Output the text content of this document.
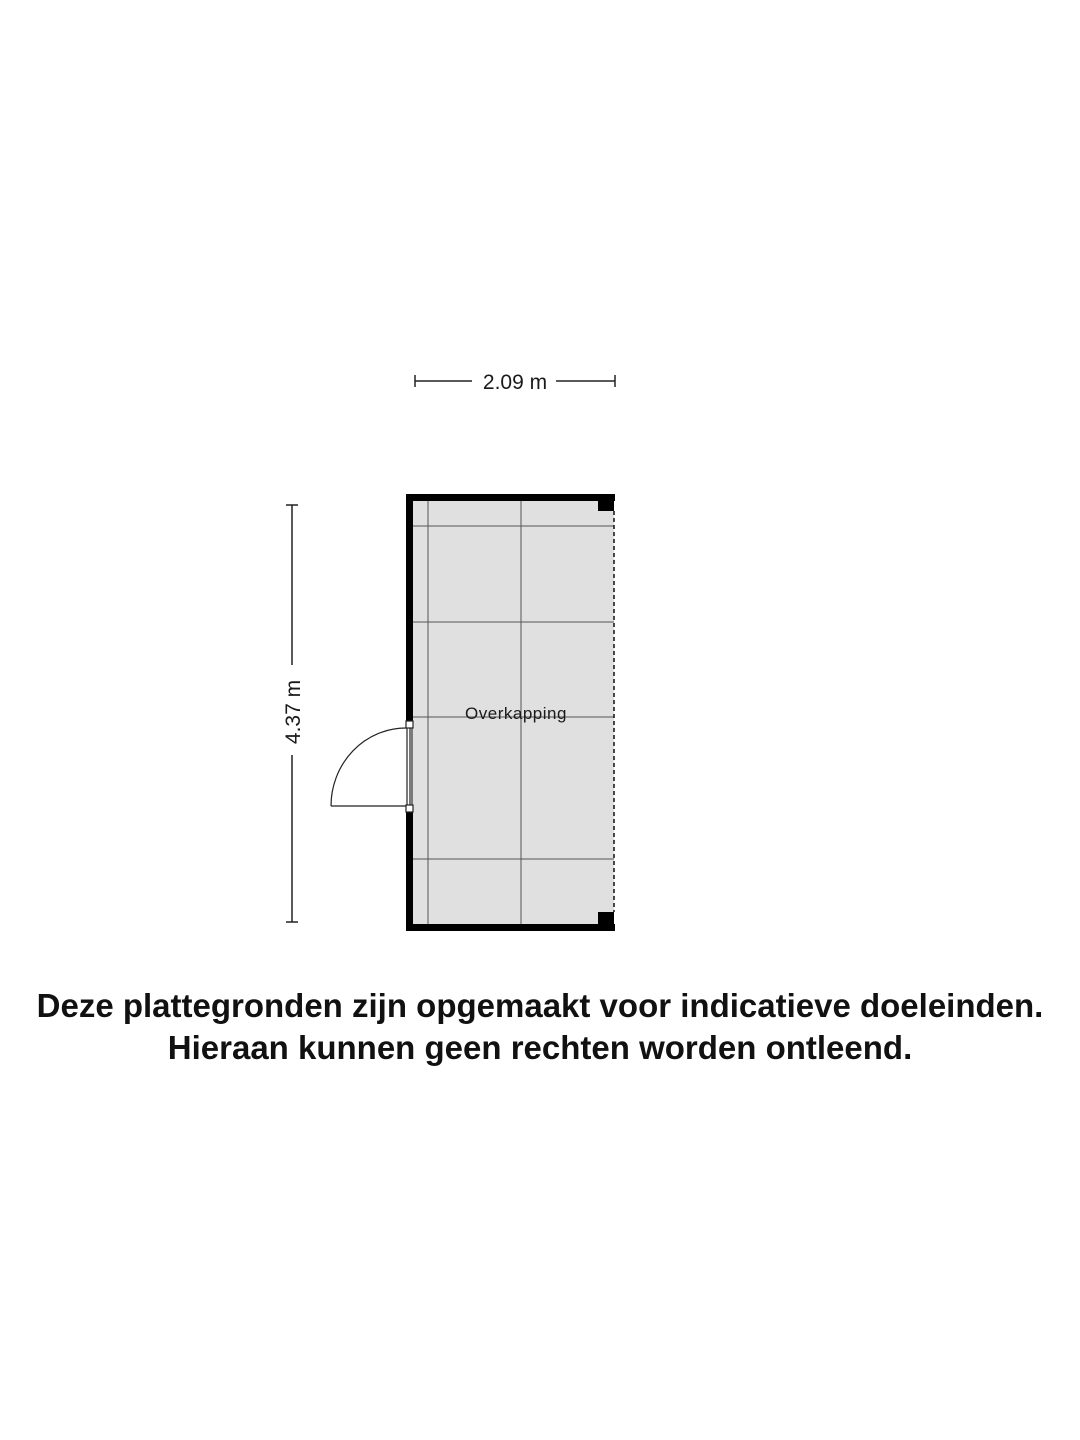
2.09 m
4.37 m	Overkapping
Deze plattegronden zijn opgemaakt voor indicatieve doeleinden.
Hieraan kunnen geen rechten worden ontleend.
